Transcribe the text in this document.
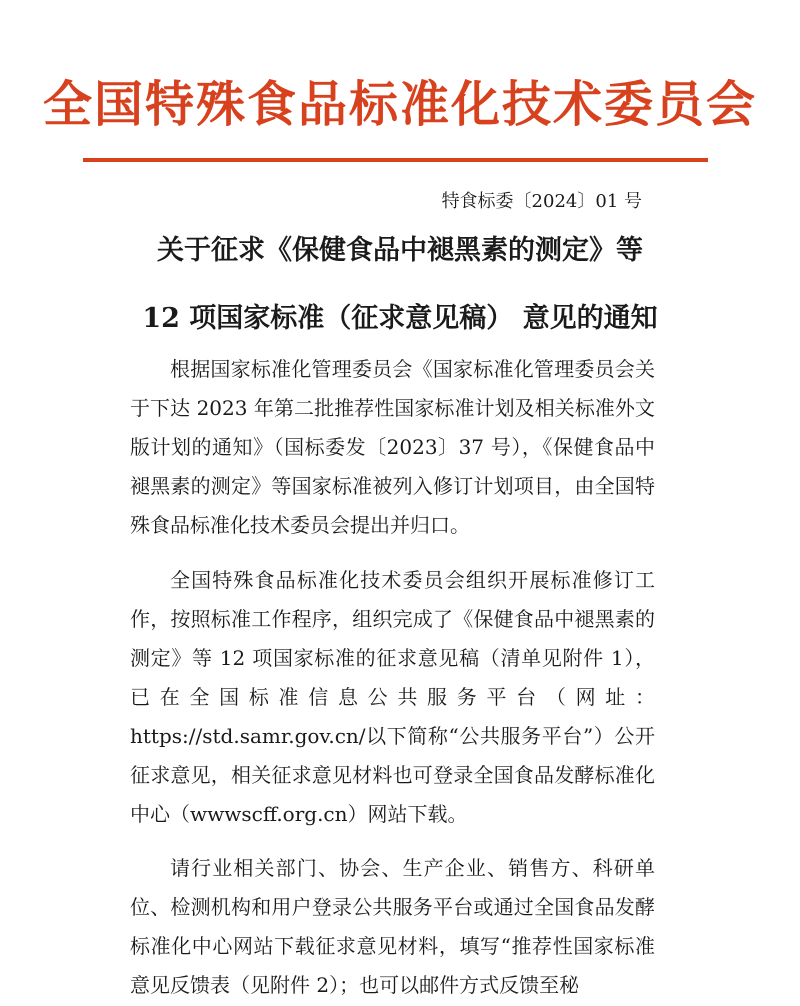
全国特殊食品标准化技术委员会
特食标委〔2024〕01 号
关于征求《保健食品中褪黑素的测定》等
12 项国家标准（征求意见稿） 意见的通知

根据国家标准化管理委员会《国家标准化管理委员会关于下达 2023 年第二批推荐性国家标准计划及相关标准外文版计划的通知》（国标委发〔2023〕37 号），《保健食品中褪黑素的测定》等国家标准被列入修订计划项目，由全国特殊食品标准化技术委员会提出并归口。

全国特殊食品标准化技术委员会组织开展标准修订工作，按照标准工作程序，组织完成了《保健食品中褪黑素的测定》等 12 项国家标准的征求意见稿（清单见附件 1），已在全国标准信息公共服务平台（网址：https://std.samr.gov.cn/以下简称“公共服务平台”）公开征求意见，相关征求意见材料也可登录全国食品发酵标准化中心（wwwscff.org.cn）网站下载。

请行业相关部门、协会、生产企业、销售方、科研单位、检测机构和用户登录公共服务平台或通过全国食品发酵标准化中心网站下载征求意见材料，填写“推荐性国家标准意见反馈表（见附件 2）；也可以邮件方式反馈至秘
